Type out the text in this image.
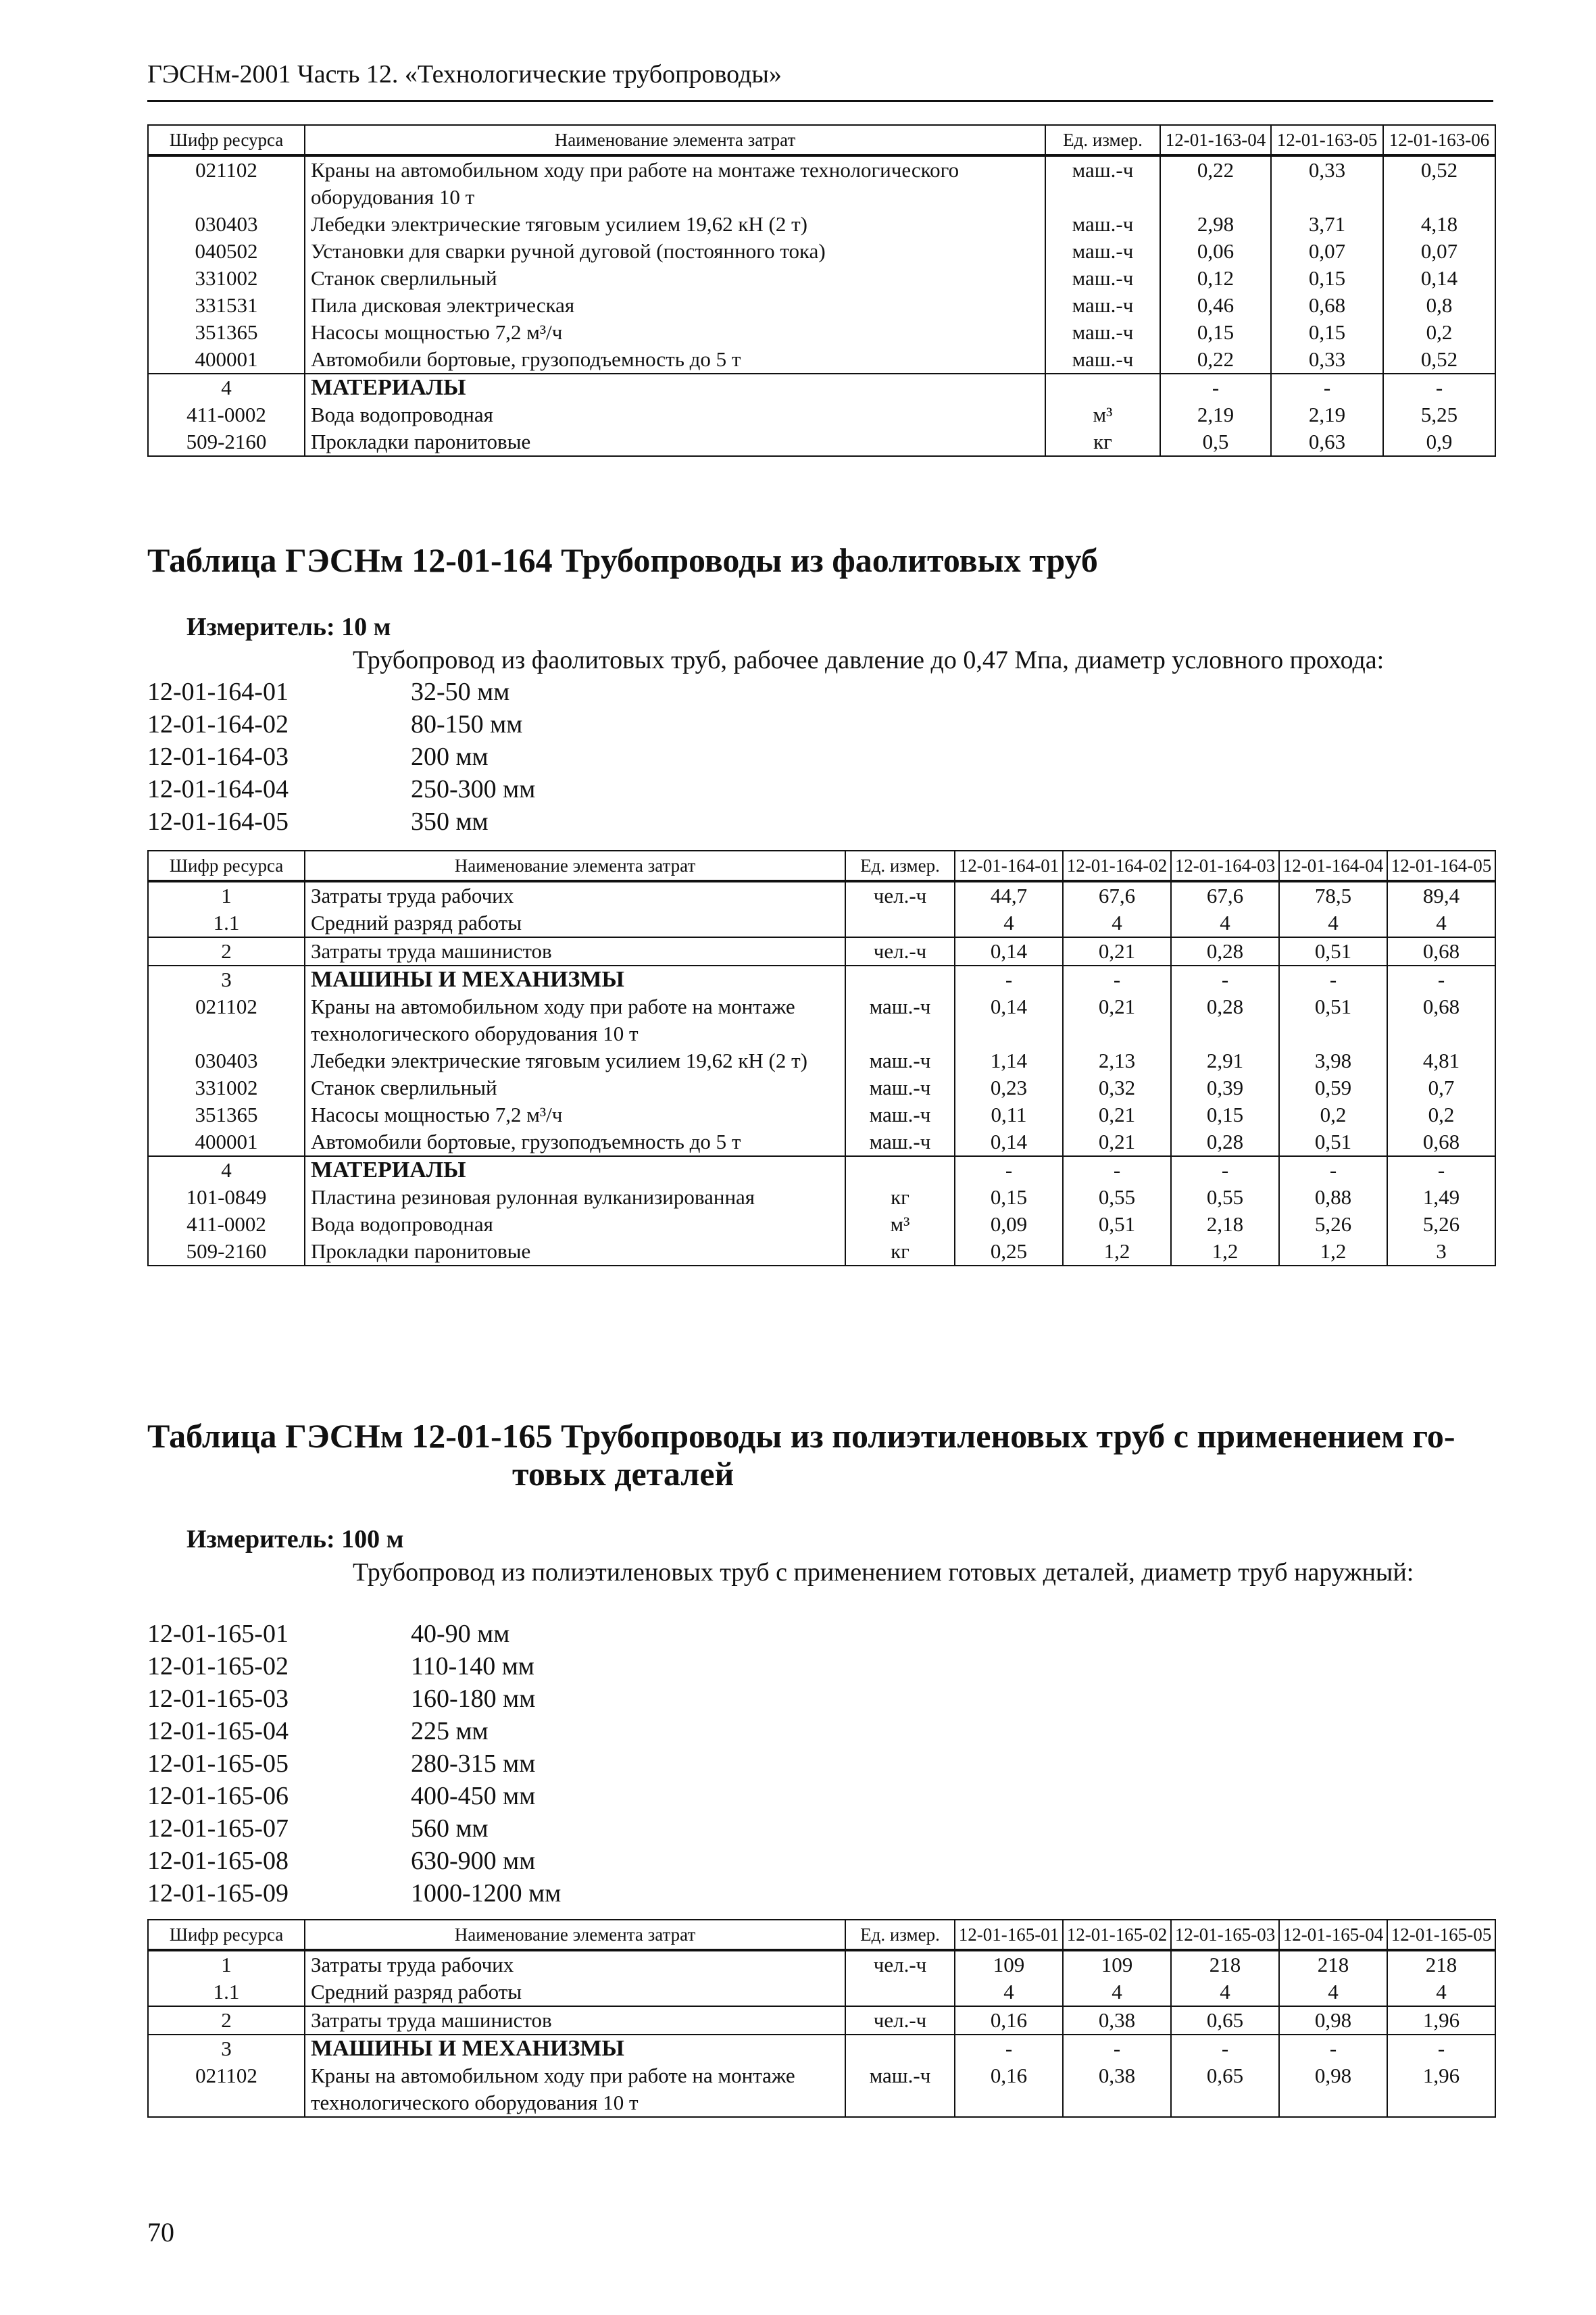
ГЭСНм-2001 Часть 12. «Технологические трубопроводы»
Шифр ресурса	Наименование элемента затрат	Ед. измер.	12-01-163-04	12-01-163-05	12-01-163-06
021102	Краны на автомобильном ходу при работе на монтаже технологического оборудования 10 т	маш.-ч	0,22	0,33	0,52
030403	Лебедки электрические тяговым усилием 19,62 кН (2 т)	маш.-ч	2,98	3,71	4,18
040502	Установки для сварки ручной дуговой (постоянного тока)	маш.-ч	0,06	0,07	0,07
331002	Станок сверлильный	маш.-ч	0,12	0,15	0,14
331531	Пила дисковая электрическая	маш.-ч	0,46	0,68	0,8
351365	Насосы мощностью 7,2 м³/ч	маш.-ч	0,15	0,15	0,2
400001	Автомобили бортовые, грузоподъемность до 5 т	маш.-ч	0,22	0,33	0,52
4	МАТЕРИАЛЫ		-	-	-
411-0002	Вода водопроводная	м³	2,19	2,19	5,25
509-2160	Прокладки паронитовые	кг	0,5	0,63	0,9
Таблица ГЭСНм 12-01-164 Трубопроводы из фаолитовых труб
Измеритель: 10 м
Трубопровод из фаолитовых труб, рабочее давление до 0,47 Мпа, диаметр условного прохода:
12-01-164-01	32-50 мм
12-01-164-02	80-150 мм
12-01-164-03	200 мм
12-01-164-04	250-300 мм
12-01-164-05	350 мм
Шифр ресурса	Наименование элемента затрат	Ед. измер.	12-01-164-01	12-01-164-02	12-01-164-03	12-01-164-04	12-01-164-05
1	Затраты труда рабочих	чел.-ч	44,7	67,6	67,6	78,5	89,4
1.1	Средний разряд работы		4	4	4	4	4
2	Затраты труда машинистов	чел.-ч	0,14	0,21	0,28	0,51	0,68
3	МАШИНЫ И МЕХАНИЗМЫ		-	-	-	-	-
021102	Краны на автомобильном ходу при работе на монтаже технологического оборудования 10 т	маш.-ч	0,14	0,21	0,28	0,51	0,68
030403	Лебедки электрические тяговым усилием 19,62 кН (2 т)	маш.-ч	1,14	2,13	2,91	3,98	4,81
331002	Станок сверлильный	маш.-ч	0,23	0,32	0,39	0,59	0,7
351365	Насосы мощностью 7,2 м³/ч	маш.-ч	0,11	0,21	0,15	0,2	0,2
400001	Автомобили бортовые, грузоподъемность до 5 т	маш.-ч	0,14	0,21	0,28	0,51	0,68
4	МАТЕРИАЛЫ		-	-	-	-	-
101-0849	Пластина резиновая рулонная вулканизированная	кг	0,15	0,55	0,55	0,88	1,49
411-0002	Вода водопроводная	м³	0,09	0,51	2,18	5,26	5,26
509-2160	Прокладки паронитовые	кг	0,25	1,2	1,2	1,2	3
Таблица ГЭСНм 12-01-165 Трубопроводы из полиэтиленовых труб с применением го-
товых деталей
Измеритель: 100 м
Трубопровод из полиэтиленовых труб с применением готовых деталей, диаметр труб наружный:
12-01-165-01	40-90 мм
12-01-165-02	110-140 мм
12-01-165-03	160-180 мм
12-01-165-04	225 мм
12-01-165-05	280-315 мм
12-01-165-06	400-450 мм
12-01-165-07	560 мм
12-01-165-08	630-900 мм
12-01-165-09	1000-1200 мм
Шифр ресурса	Наименование элемента затрат	Ед. измер.	12-01-165-01	12-01-165-02	12-01-165-03	12-01-165-04	12-01-165-05
1	Затраты труда рабочих	чел.-ч	109	109	218	218	218
1.1	Средний разряд работы		4	4	4	4	4
2	Затраты труда машинистов	чел.-ч	0,16	0,38	0,65	0,98	1,96
3	МАШИНЫ И МЕХАНИЗМЫ		-	-	-	-	-
021102	Краны на автомобильном ходу при работе на монтаже технологического оборудования 10 т	маш.-ч	0,16	0,38	0,65	0,98	1,96
70
